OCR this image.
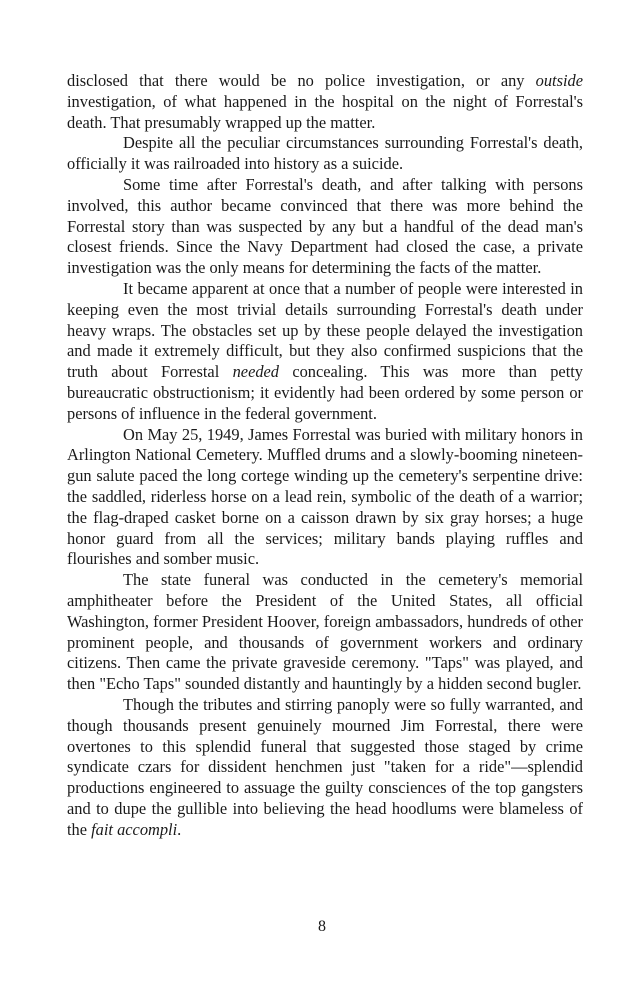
disclosed that there would be no police investigation, or any outside investigation, of what happened in the hospital on the night of Forrestal's death. That presumably wrapped up the matter.

Despite all the peculiar circumstances surrounding Forrestal's death, officially it was railroaded into history as a suicide.

Some time after Forrestal's death, and after talking with persons involved, this author became convinced that there was more behind the Forrestal story than was suspected by any but a handful of the dead man's closest friends. Since the Navy Department had closed the case, a private investigation was the only means for determining the facts of the matter.

It became apparent at once that a number of people were interested in keeping even the most trivial details surrounding Forrestal's death under heavy wraps. The obstacles set up by these people delayed the investigation and made it extremely difficult, but they also confirmed suspicions that the truth about Forrestal needed concealing. This was more than petty bureaucratic obstructionism; it evidently had been ordered by some person or persons of influence in the federal government.

On May 25, 1949, James Forrestal was buried with military honors in Arlington National Cemetery. Muffled drums and a slowly-booming nineteen-gun salute paced the long cortege winding up the cemetery's serpentine drive: the saddled, riderless horse on a lead rein, symbolic of the death of a warrior; the flag-draped casket borne on a caisson drawn by six gray horses; a huge honor guard from all the services; military bands playing ruffles and flourishes and somber music.

The state funeral was conducted in the cemetery's memorial amphitheater before the President of the United States, all official Washington, former President Hoover, foreign ambassadors, hundreds of other prominent people, and thousands of government workers and ordinary citizens. Then came the private graveside ceremony. "Taps" was played, and then "Echo Taps" sounded distantly and hauntingly by a hidden second bugler.

Though the tributes and stirring panoply were so fully warranted, and though thousands present genuinely mourned Jim Forrestal, there were overtones to this splendid funeral that suggested those staged by crime syndicate czars for dissident henchmen just "taken for a ride"—splendid productions engineered to assuage the guilty consciences of the top gangsters and to dupe the gullible into believing the head hoodlums were blameless of the fait accompli.

8
